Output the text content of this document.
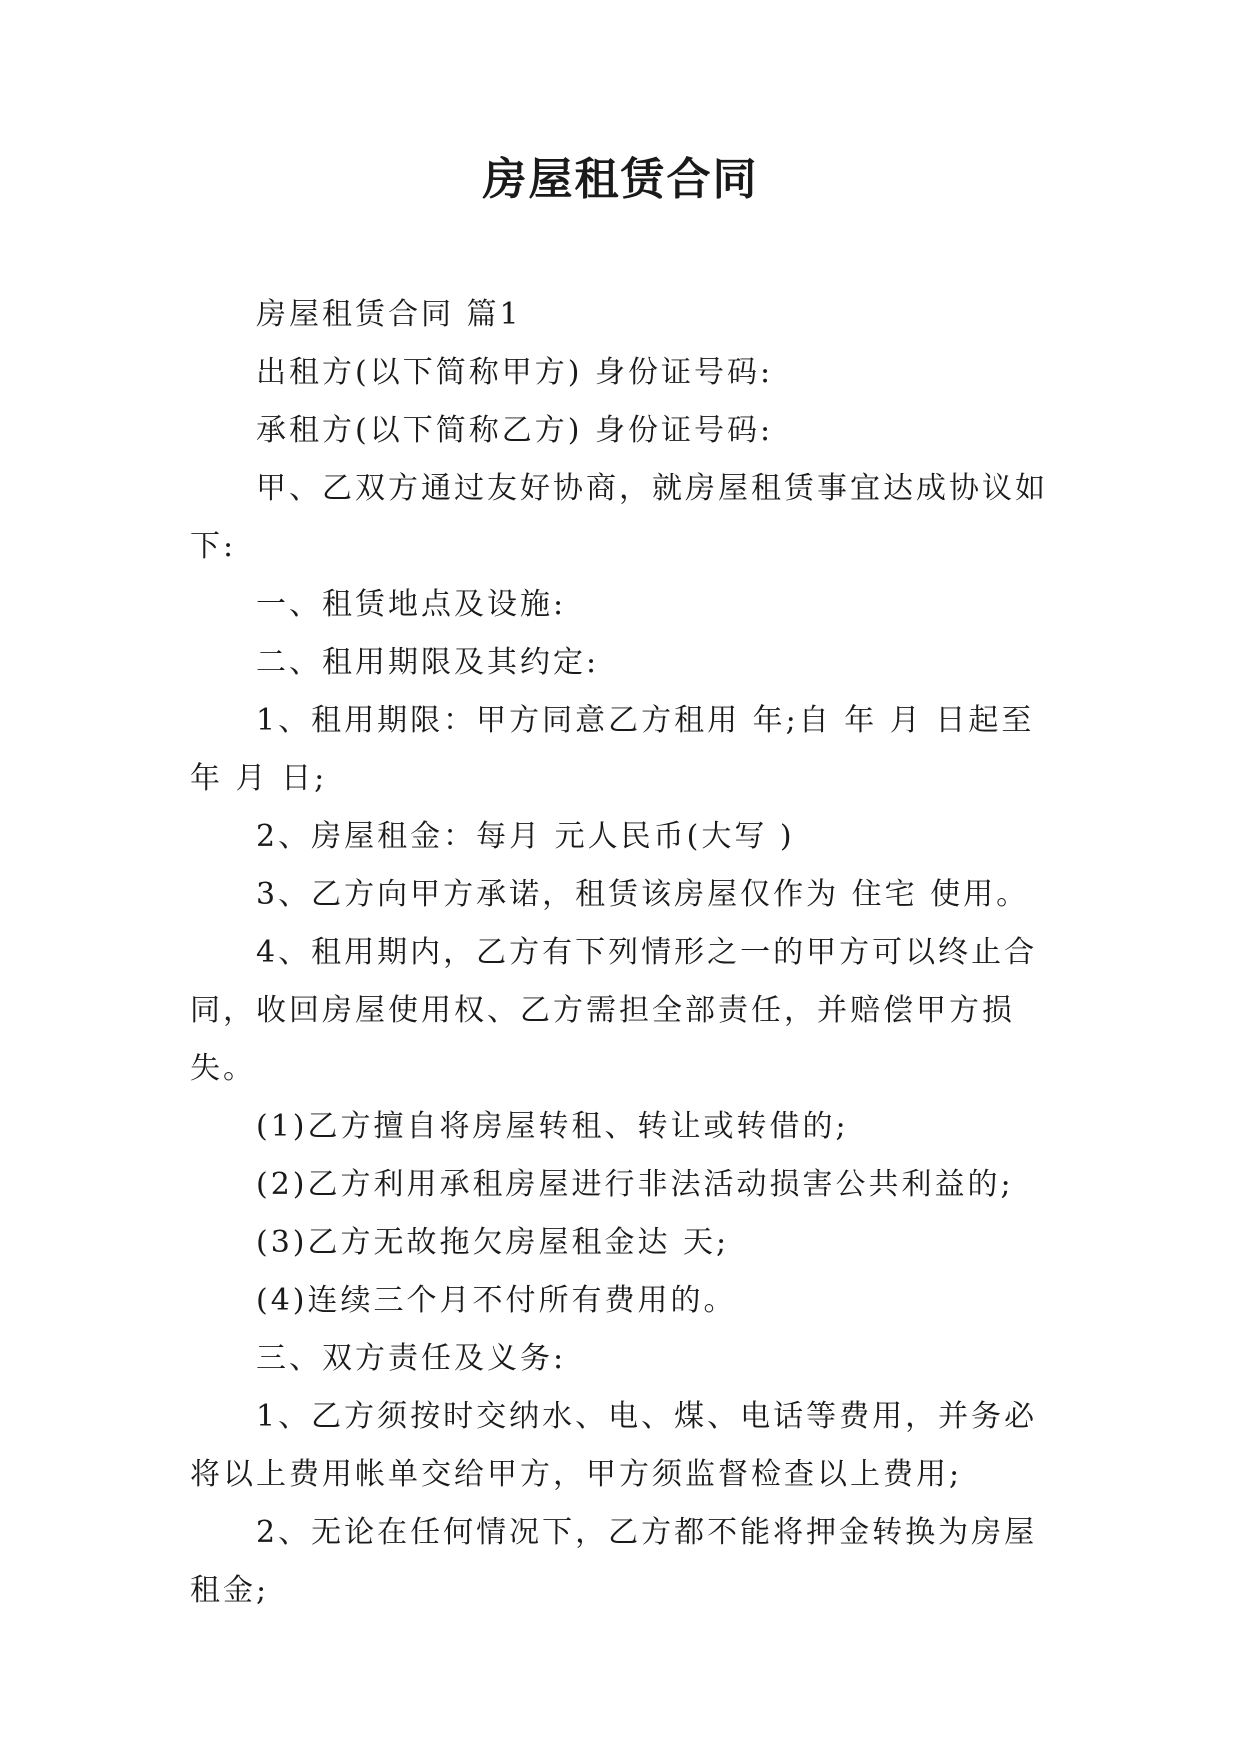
房屋租赁合同

房屋租赁合同 篇1

出租方(以下简称甲方) 身份证号码:

承租方(以下简称乙方) 身份证号码:

甲、乙双方通过友好协商，就房屋租赁事宜达成协议如下:

一、租赁地点及设施:

二、租用期限及其约定:

1、租用期限：甲方同意乙方租用 年;自 年 月 日起至 年 月 日;

2、房屋租金：每月 元人民币(大写 )

3、乙方向甲方承诺，租赁该房屋仅作为 住宅 使用。

4、租用期内，乙方有下列情形之一的甲方可以终止合同，收回房屋使用权、乙方需担全部责任，并赔偿甲方损失。

(1)乙方擅自将房屋转租、转让或转借的;

(2)乙方利用承租房屋进行非法活动损害公共利益的;

(3)乙方无故拖欠房屋租金达 天;

(4)连续三个月不付所有费用的。

三、双方责任及义务:

1、乙方须按时交纳水、电、煤、电话等费用，并务必将以上费用帐单交给甲方，甲方须监督检查以上费用;

2、无论在任何情况下，乙方都不能将押金转换为房屋租金;
